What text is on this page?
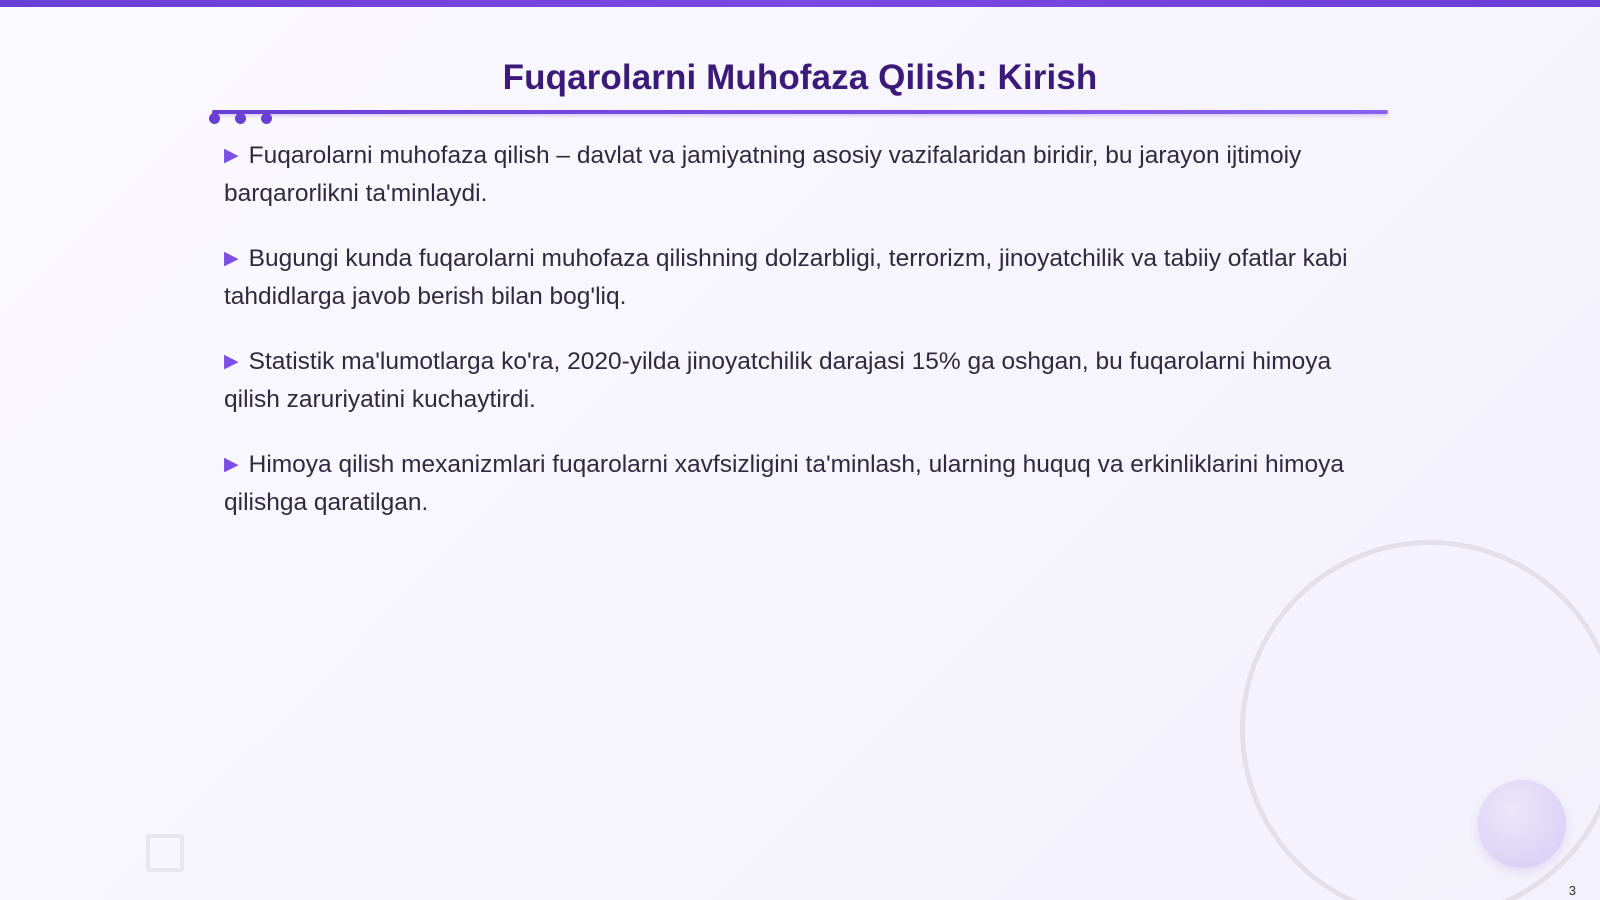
Fuqarolarni Muhofaza Qilish: Kirish
▶ Fuqarolarni muhofaza qilish – davlat va jamiyatning asosiy vazifalaridan biridir, bu jarayon ijtimoiy barqarorlikni ta'minlaydi.
▶ Bugungi kunda fuqarolarni muhofaza qilishning dolzarbligi, terrorizm, jinoyatchilik va tabiiy ofatlar kabi tahdidlarga javob berish bilan bog'liq.
▶ Statistik ma'lumotlarga ko'ra, 2020-yilda jinoyatchilik darajasi 15% ga oshgan, bu fuqarolarni himoya qilish zaruriyatini kuchaytirdi.
▶ Himoya qilish mexanizmlari fuqarolarni xavfsizligini ta'minlash, ularning huquq va erkinliklarini himoya qilishga qaratilgan.
3
